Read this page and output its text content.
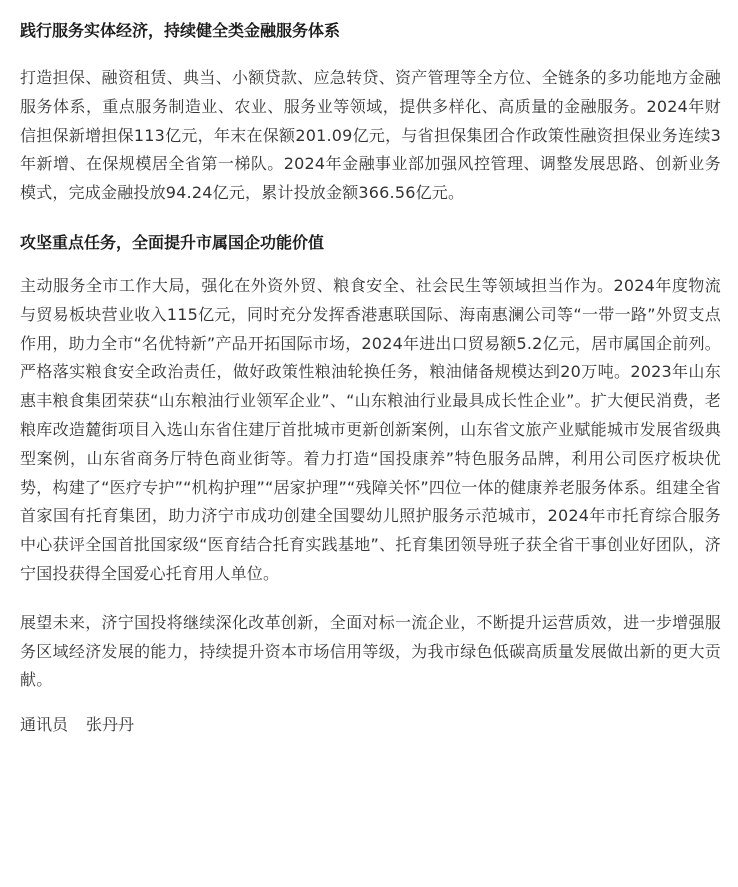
践行服务实体经济，持续健全类金融服务体系

打造担保、融资租赁、典当、小额贷款、应急转贷、资产管理等全方位、全链条的多功能地方金融服务体系，重点服务制造业、农业、服务业等领域，提供多样化、高质量的金融服务。2024年财信担保新增担保113亿元，年末在保额201.09亿元，与省担保集团合作政策性融资担保业务连续3年新增、在保规模居全省第一梯队。2024年金融事业部加强风控管理、调整发展思路、创新业务模式，完成金融投放94.24亿元，累计投放金额366.56亿元。

攻坚重点任务，全面提升市属国企功能价值

主动服务全市工作大局，强化在外资外贸、粮食安全、社会民生等领域担当作为。2024年度物流与贸易板块营业收入115亿元，同时充分发挥香港惠联国际、海南惠澜公司等“一带一路”外贸支点作用，助力全市“名优特新”产品开拓国际市场，2024年进出口贸易额5.2亿元，居市属国企前列。严格落实粮食安全政治责任，做好政策性粮油轮换任务，粮油储备规模达到20万吨。2023年山东惠丰粮食集团荣获“山东粮油行业领军企业”、“山东粮油行业最具成长性企业”。扩大便民消费，老粮库改造麓街项目入选山东省住建厅首批城市更新创新案例，山东省文旅产业赋能城市发展省级典型案例，山东省商务厅特色商业街等。着力打造“国投康养”特色服务品牌，利用公司医疗板块优势，构建了“医疗专护”“机构护理”“居家护理”“残障关怀”四位一体的健康养老服务体系。组建全省首家国有托育集团，助力济宁市成功创建全国婴幼儿照护服务示范城市，2024年市托育综合服务中心获评全国首批国家级“医育结合托育实践基地”、托育集团领导班子获全省干事创业好团队，济宁国投获得全国爱心托育用人单位。

展望未来，济宁国投将继续深化改革创新，全面对标一流企业，不断提升运营质效，进一步增强服务区域经济发展的能力，持续提升资本市场信用等级，为我市绿色低碳高质量发展做出新的更大贡献。

通讯员 张丹丹
